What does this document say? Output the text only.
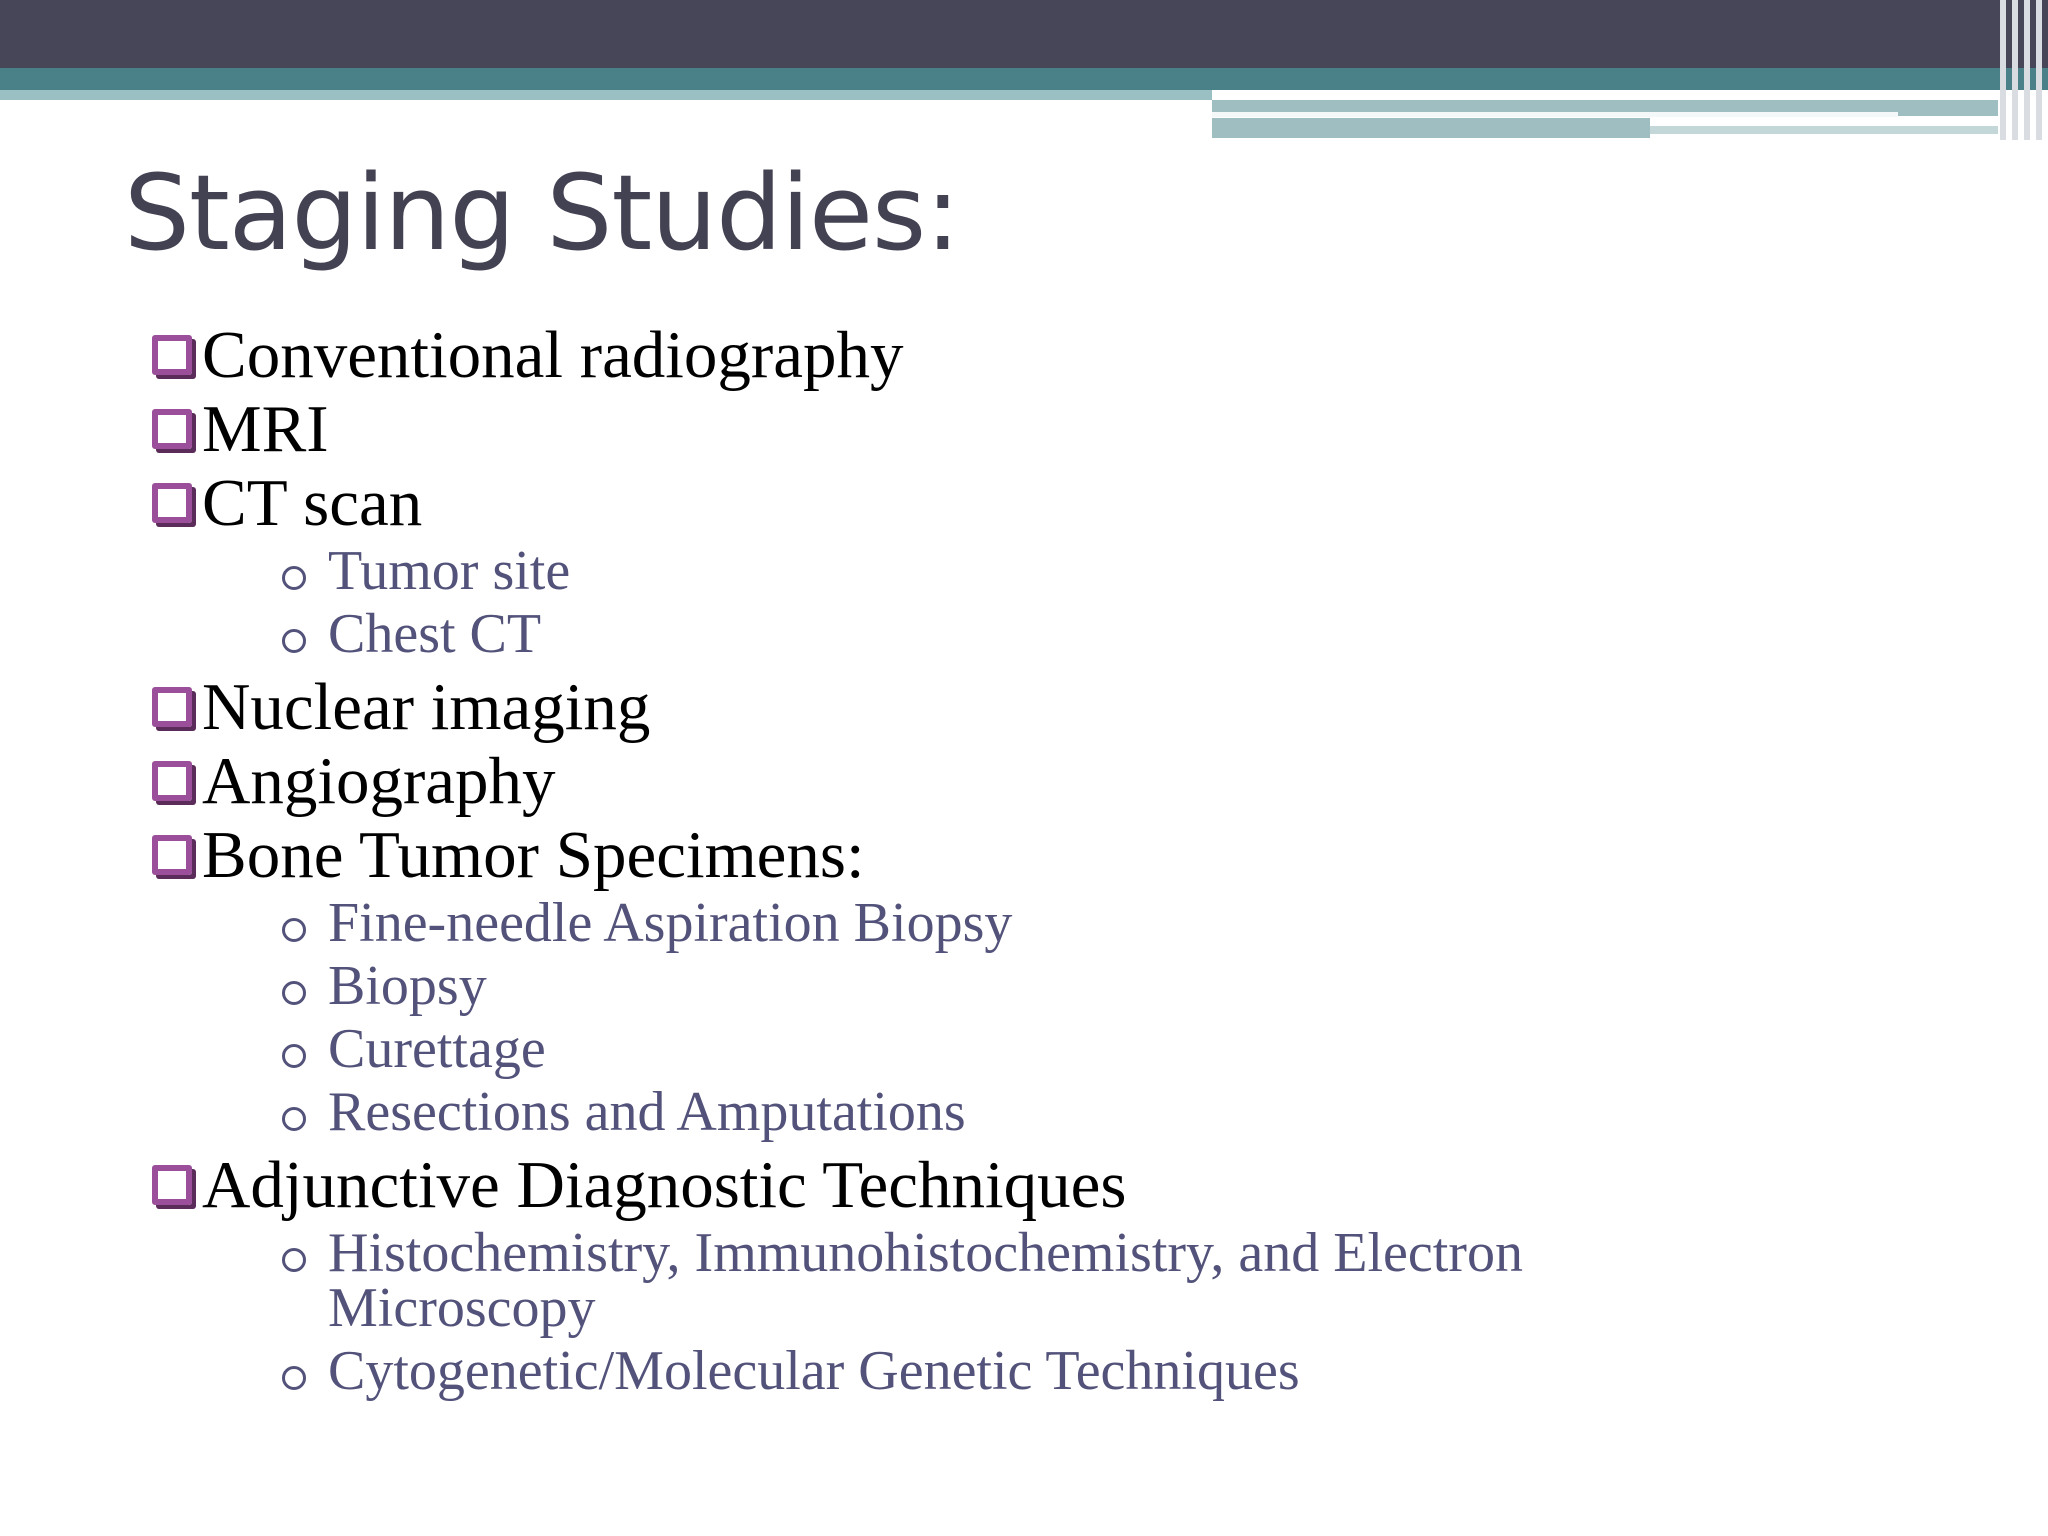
Staging Studies:
Conventional radiography
MRI
CT scan
Tumor site
Chest CT
Nuclear imaging
Angiography
Bone Tumor Specimens:
Fine-needle Aspiration Biopsy
Biopsy
Curettage
Resections and Amputations
Adjunctive Diagnostic Techniques
Histochemistry, Immunohistochemistry, and Electron Microscopy
Cytogenetic/Molecular Genetic Techniques
